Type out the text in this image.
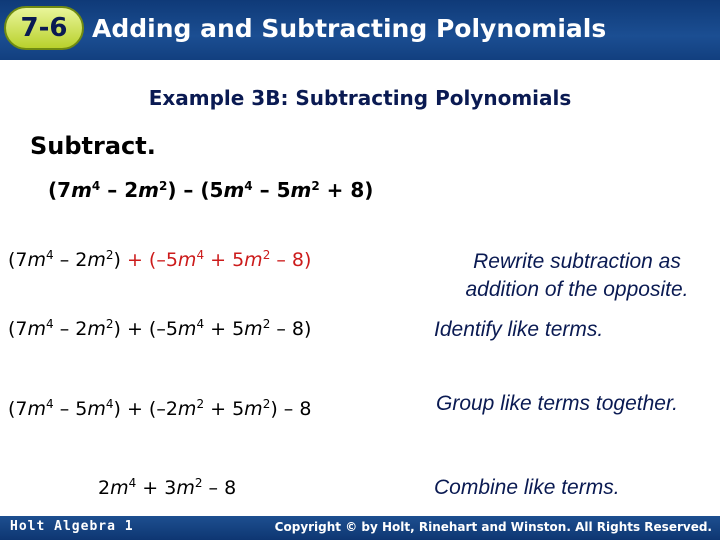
7-6 Adding and Subtracting Polynomials
Example 3B: Subtracting Polynomials
Subtract.
$(7m^4 - 2m^2) - (5m^4 - 5m^2 + 8)$
$(7m^4 - 2m^2) + (-5m^4 + 5m^2 - 8)$	Rewrite subtraction as addition of the opposite.
$(7m^4 - 2m^2) + (-5m^4 + 5m^2 - 8)$	Identify like terms.
$(7m^4 - 5m^4) + (-2m^2 + 5m^2) - 8$	Group like terms together.
$2m^4 + 3m^2 - 8$	Combine like terms.
Holt Algebra 1	Copyright © by Holt, Rinehart and Winston. All Rights Reserved.
